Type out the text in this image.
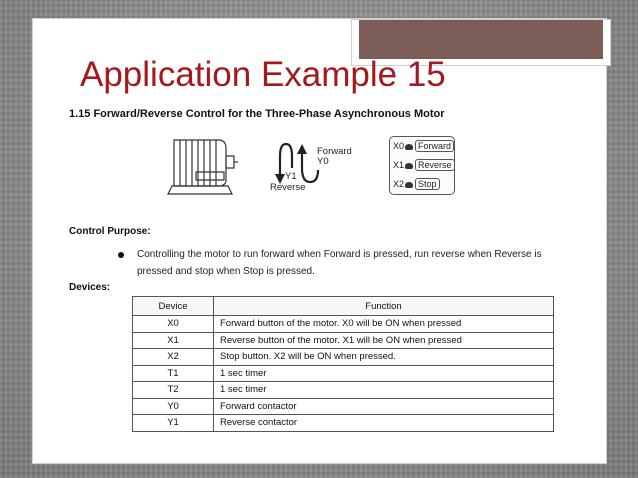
Application Example 15
1.15 Forward/Reverse Control for the Three-Phase Asynchronous Motor
Forward
Y0
Y1
Reverse
X0 Forward
X1 Reverse
X2 Stop
Control Purpose:
Controlling the motor to run forward when Forward is pressed, run reverse when Reverse is pressed and stop when Stop is pressed.
Devices:
Device	Function
X0	Forward button of the motor. X0 will be ON when pressed
X1	Reverse button of the motor. X1 will be ON when pressed
X2	Stop button. X2 will be ON when pressed.
T1	1 sec timer
T2	1 sec timer
Y0	Forward contactor
Y1	Reverse contactor
